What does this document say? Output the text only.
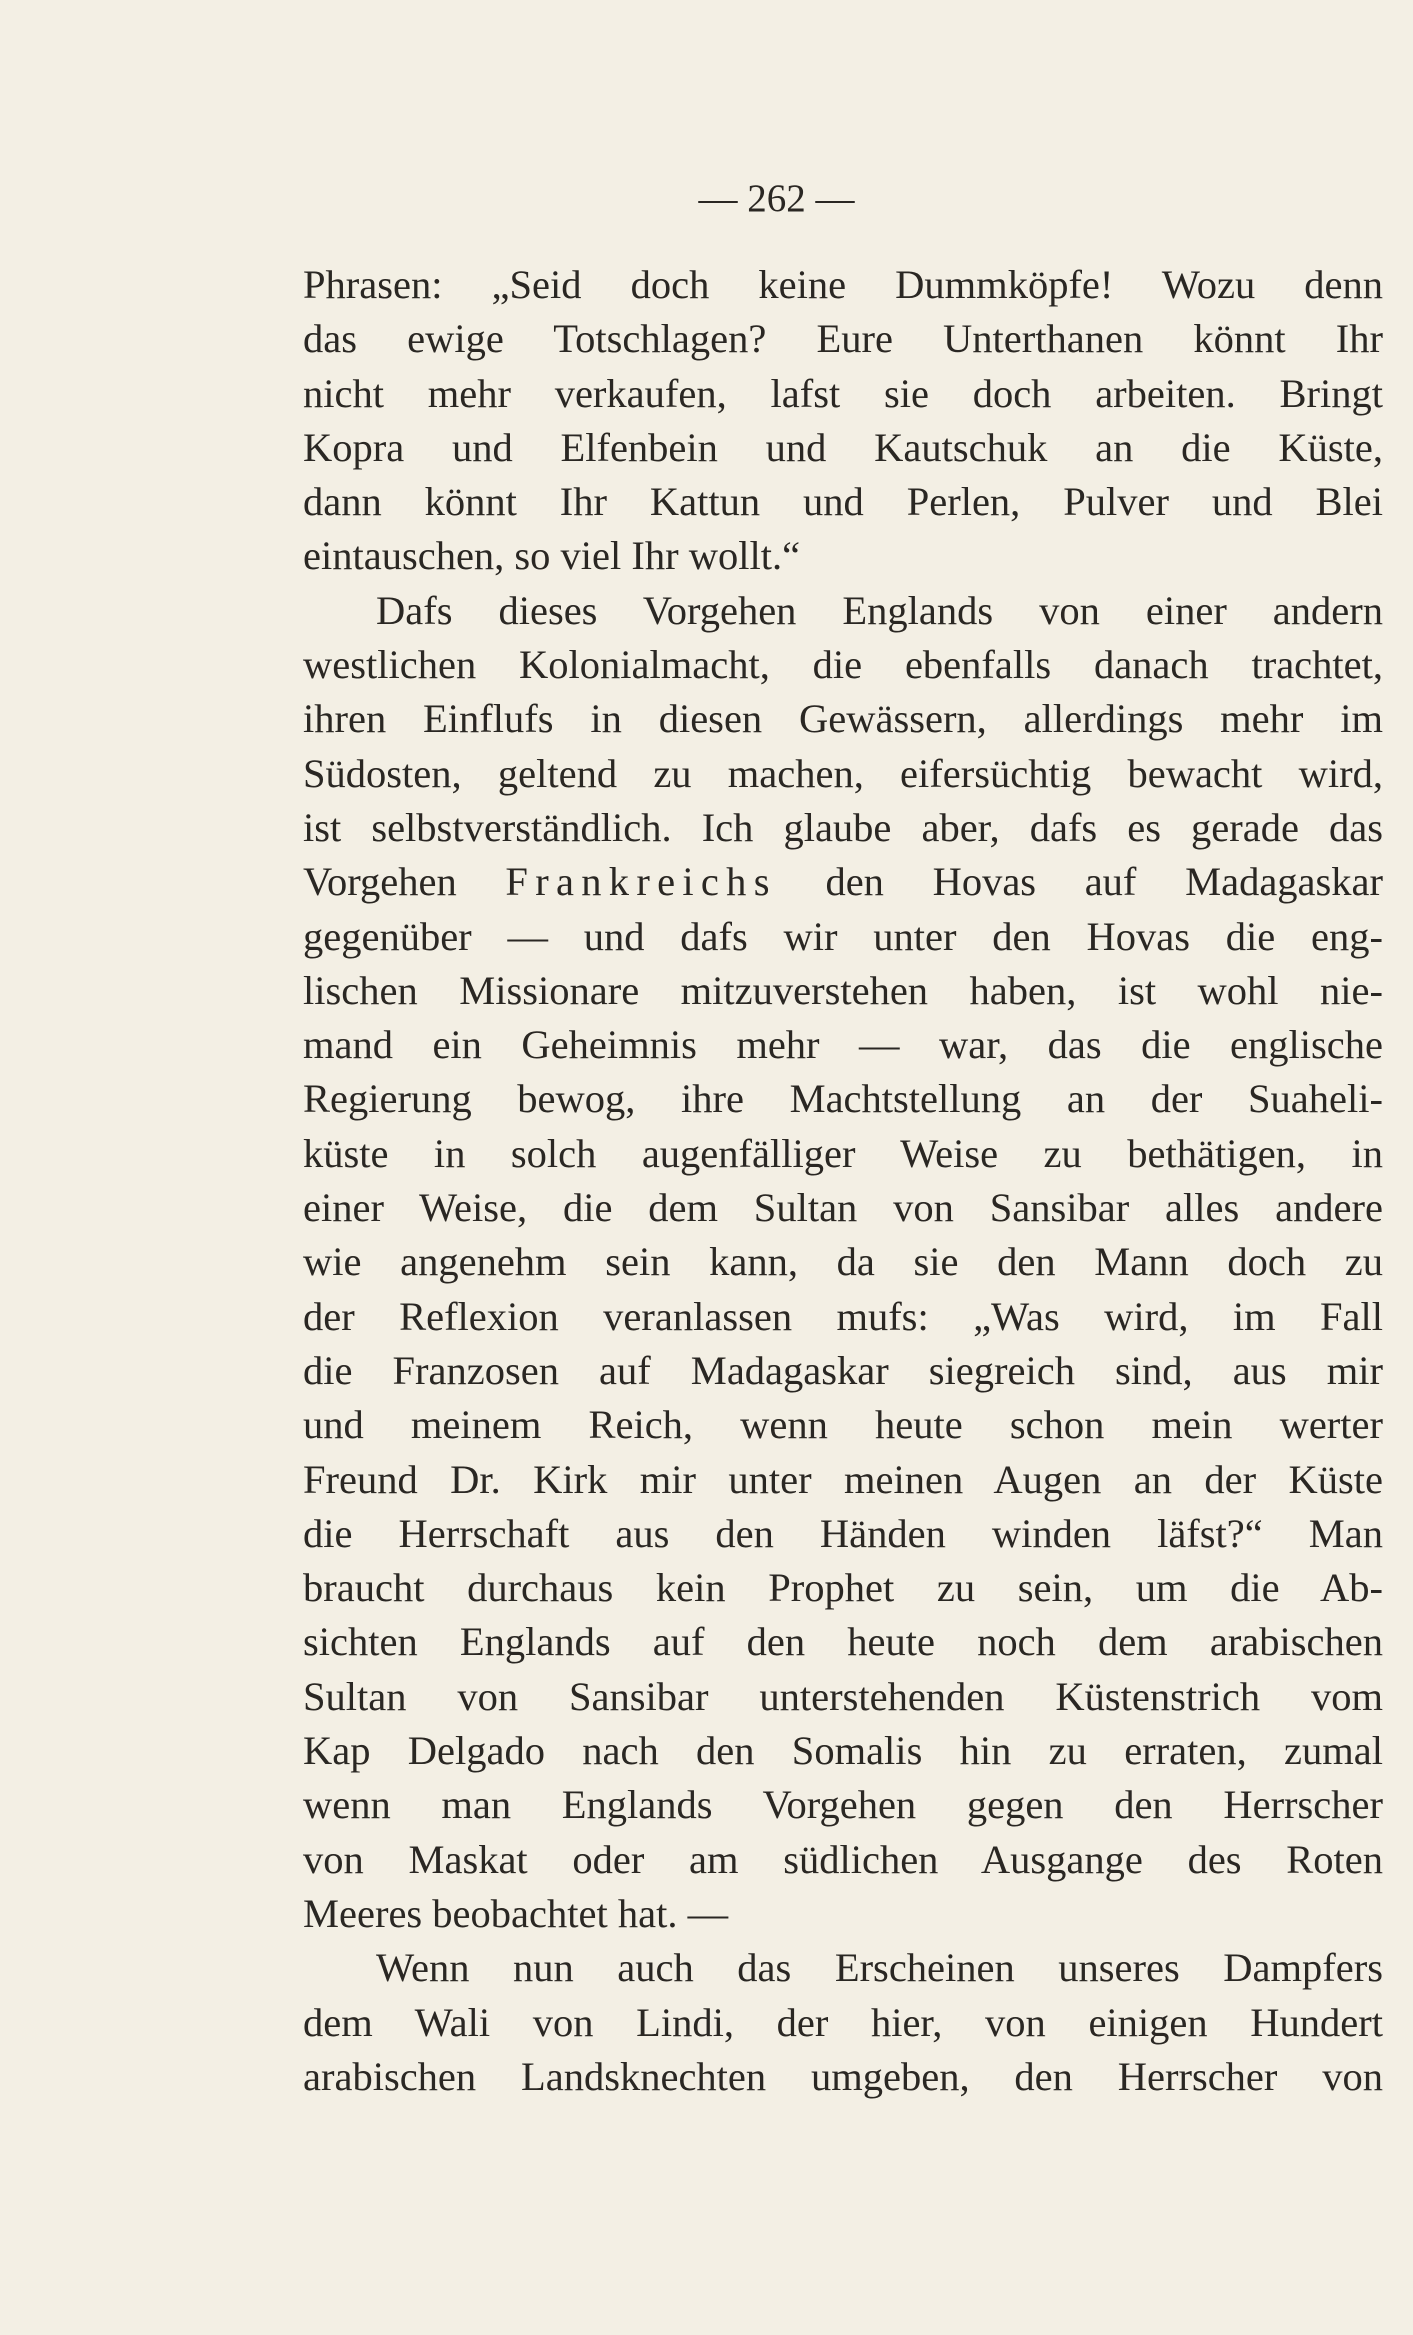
— 262 —
Phrasen: „Seid doch keine Dummköpfe! Wozu denn
das ewige Totschlagen? Eure Unterthanen könnt Ihr
nicht mehr verkaufen, lafst sie doch arbeiten. Bringt
Kopra und Elfenbein und Kautschuk an die Küste,
dann könnt Ihr Kattun und Perlen, Pulver und Blei
eintauschen, so viel Ihr wollt.“
Dafs dieses Vorgehen Englands von einer andern
westlichen Kolonialmacht, die ebenfalls danach trachtet,
ihren Einflufs in diesen Gewässern, allerdings mehr im
Südosten, geltend zu machen, eifersüchtig bewacht wird,
ist selbstverständlich. Ich glaube aber, dafs es gerade das
Vorgehen Frankreichs den Hovas auf Madagaskar
gegenüber — und dafs wir unter den Hovas die eng-
lischen Missionare mitzuverstehen haben, ist wohl nie-
mand ein Geheimnis mehr — war, das die englische
Regierung bewog, ihre Machtstellung an der Suaheli-
küste in solch augenfälliger Weise zu bethätigen, in
einer Weise, die dem Sultan von Sansibar alles andere
wie angenehm sein kann, da sie den Mann doch zu
der Reflexion veranlassen mufs: „Was wird, im Fall
die Franzosen auf Madagaskar siegreich sind, aus mir
und meinem Reich, wenn heute schon mein werter
Freund Dr. Kirk mir unter meinen Augen an der Küste
die Herrschaft aus den Händen winden läfst?“ Man
braucht durchaus kein Prophet zu sein, um die Ab-
sichten Englands auf den heute noch dem arabischen
Sultan von Sansibar unterstehenden Küstenstrich vom
Kap Delgado nach den Somalis hin zu erraten, zumal
wenn man Englands Vorgehen gegen den Herrscher
von Maskat oder am südlichen Ausgange des Roten
Meeres beobachtet hat. —
Wenn nun auch das Erscheinen unseres Dampfers
dem Wali von Lindi, der hier, von einigen Hundert
arabischen Landsknechten umgeben, den Herrscher von
